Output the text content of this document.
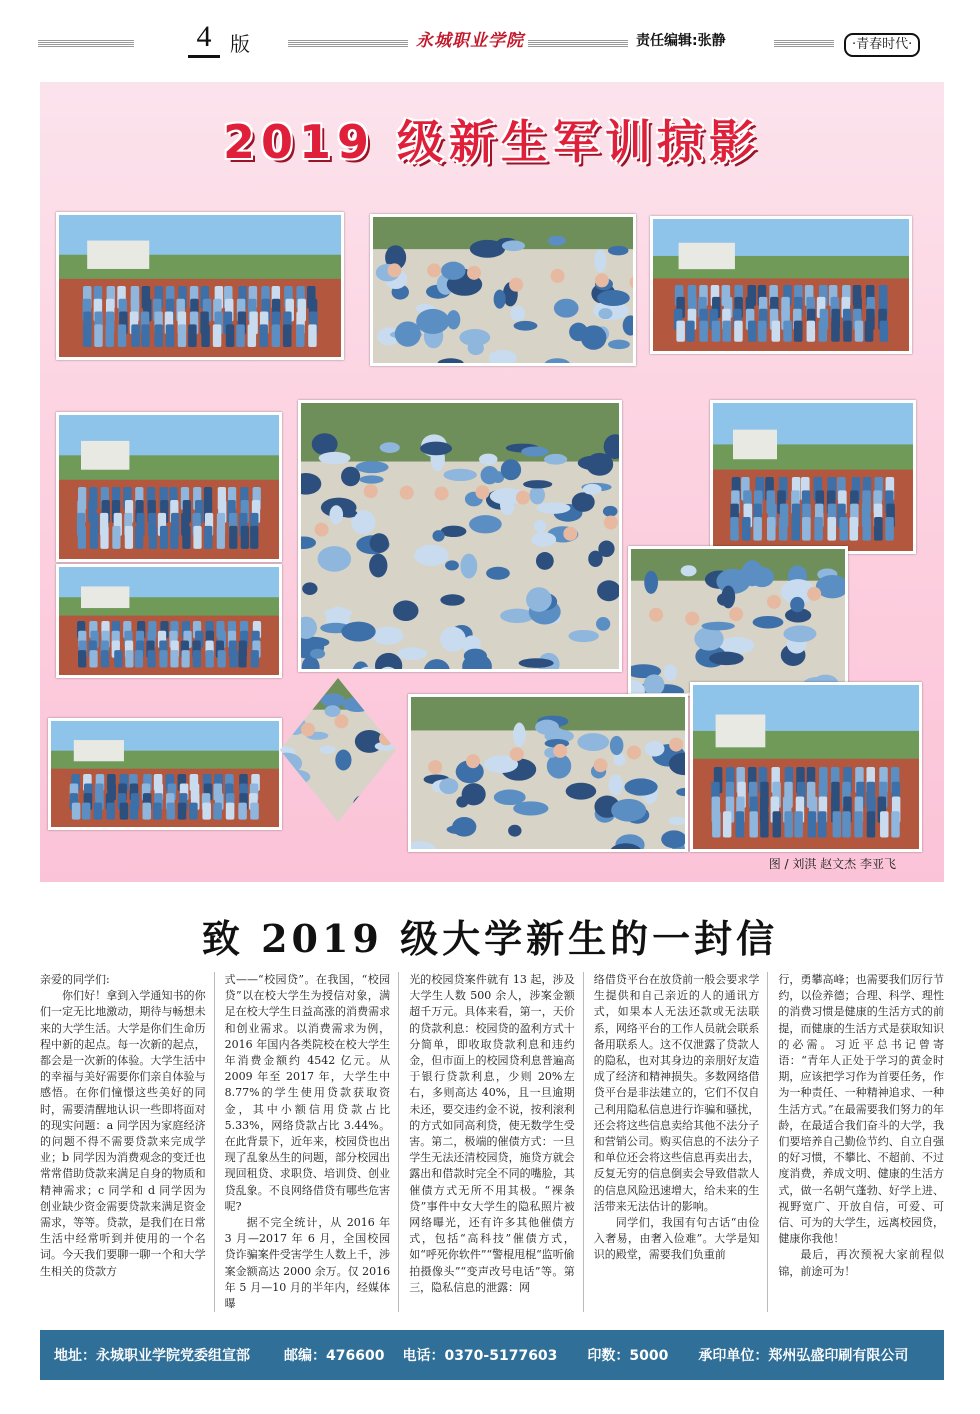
4 版	永城职业学院	责任编辑:张静	·青春时代·
2019 级新生军训掠影
图 / 刘淇 赵文杰 李亚飞
致 2019 级大学新生的一封信

亲爱的同学们:

你们好！拿到入学通知书的你们一定无比地激动，期待与畅想未来的大学生活。大学是你们生命历程中新的起点。每一次新的起点，都会是一次新的体验。大学生活中的幸福与美好需要你们亲自体验与感悟。在你们憧憬这些美好的同时，需要清醒地认识一些即将面对的现实问题：a 同学因为家庭经济的问题不得不需要贷款来完成学业；b 同学因为消费观念的变迁也常常借助贷款来满足自身的物质和精神需求；c 同学和 d 同学因为创业缺少资金需要贷款来满足资金需求，等等。贷款，是我们在日常生活中经常听到并使用的一个名词。今天我们要聊一聊一个和大学生相关的贷款方

式——“校园贷”。在我国，“校园贷”以在校大学生为授信对象，满足在校大学生日益高涨的消费需求和创业需求。以消费需求为例，2016 年国内各类院校在校大学生年消费金额约 4542 亿元。从 2009 年至 2017 年，大学生中 8.77%的学生使用贷款获取资金，其中小额信用贷款占比 5.33%，网络贷款占比 3.44%。在此背景下，近年来，校园贷也出现了乱象丛生的问题，部分校园出现回租贷、求职贷、培训贷、创业贷乱象。不良网络借贷有哪些危害呢?

据不完全统计，从 2016 年 3 月—2017 年 6 月，全国校园贷诈骗案件受害学生人数上千，涉案金额高达 2000 余万。仅 2016 年 5 月—10 月的半年内，经媒体曝

光的校园贷案件就有 13 起，涉及大学生人数 500 余人，涉案金额超千万元。具体来看，第一，天价的贷款利息：校园贷的盈利方式十分简单，即收取贷款利息和违约金，但市面上的校园贷利息普遍高于银行贷款利息，少则 20%左右，多则高达 40%，且一旦逾期未还，要交违约金不说，按利滚利的方式如同高利贷，使无数学生受害。第二，极端的催债方式：一旦学生无法还清校园贷，施贷方就会露出和借款时完全不同的嘴脸，其催债方式无所不用其极。“裸条贷”事件中女大学生的隐私照片被网络曝光，还有许多其他催债方式，包括“高科技”催债方式，如“呼死你软件”“警棍甩棍“监听偷拍摄像头”“变声改号电话”等。第三，隐私信息的泄露：网

络借贷平台在放贷前一般会要求学生提供和自己亲近的人的通讯方式，如果本人无法还款或无法联系，网络平台的工作人员就会联系备用联系人。这不仅泄露了贷款人的隐私，也对其身边的亲朋好友造成了经济和精神损失。多数网络借贷平台是非法建立的，它们不仅自己利用隐私信息进行诈骗和骚扰，还会将这些信息卖给其他不法分子和营销公司。购买信息的不法分子和单位还会将这些信息再卖出去，反复无穷的信息倒卖会导致借款人的信息风险迅速增大，给未来的生活带来无法估计的影响。

同学们，我国有句古话“由俭入奢易，由奢入俭难”。大学是知识的殿堂，需要我们负重前

行，勇攀高峰；也需要我们厉行节约，以俭养德；合理、科学、理性的消费习惯是健康的生活方式的前提，而健康的生活方式是获取知识的必需。习近平总书记曾寄语：“青年人正处于学习的黄金时期，应该把学习作为首要任务，作为一种责任、一种精神追求、一种生活方式。”在最需要我们努力的年龄，在最适合我们奋斗的大学，我们要培养自己勤俭节约、自立自强的好习惯，不攀比、不超前、不过度消费，养成文明、健康的生活方式，做一名朝气蓬勃、好学上进、视野宽广、开放自信，可爱、可信、可为的大学生，远离校园贷，健康你我他！

最后，再次预祝大家前程似锦，前途可为！

地址：永城职业学院党委组宣部 邮编：476600 电话：0370-5177603 印数：5000 承印单位：郑州弘盛印刷有限公司
